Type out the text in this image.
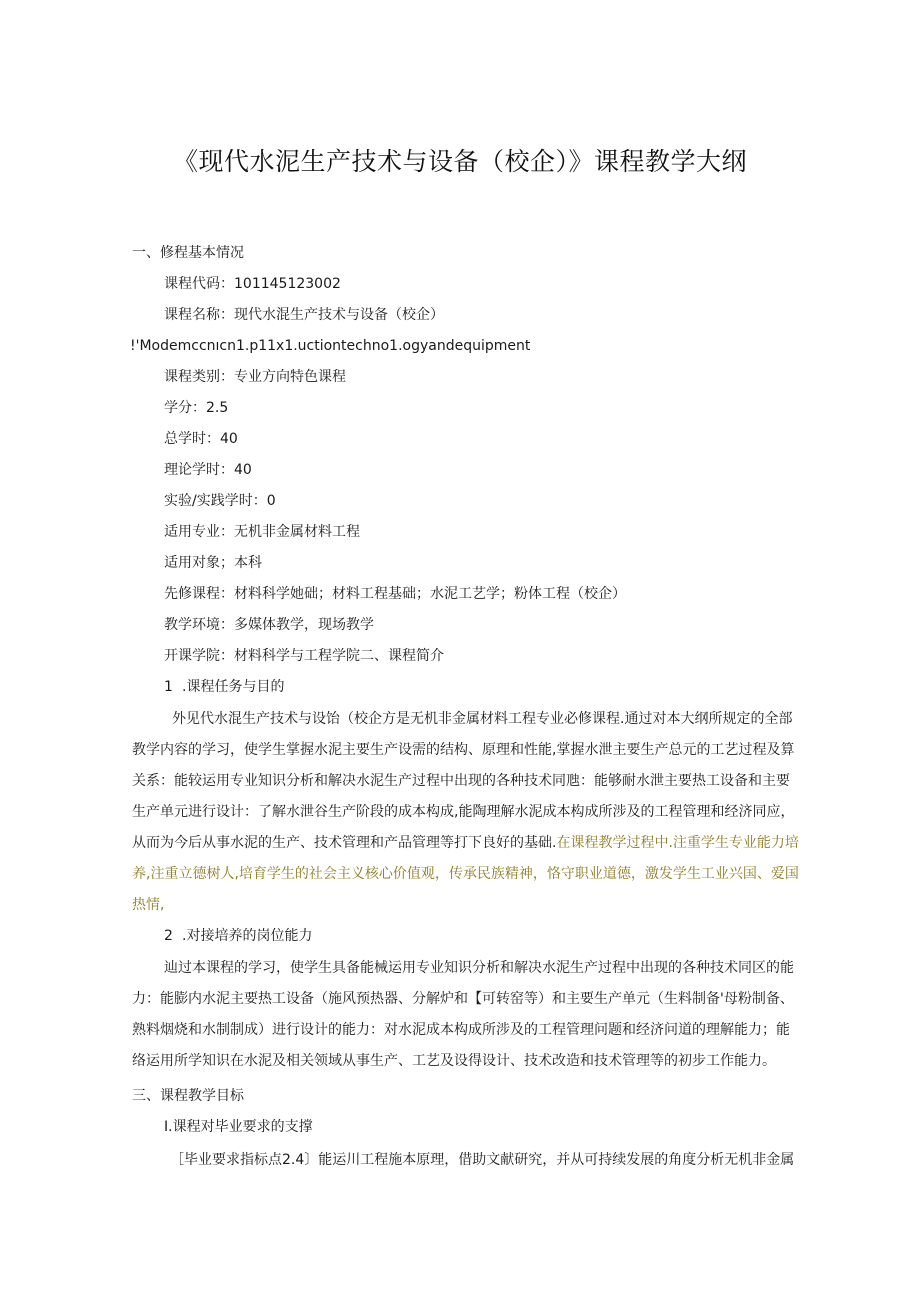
《现代水泥生产技术与设备（校企）》课程教学大纲
一、修程基本情况
课程代码：101145123002
课程名称：现代水混生产技术与设备（校企）
!'Modemccnıcn1.p11x1.uctiontechno1.ogyandequipment
课程类别：专业方向特色课程
学分：2.5
总学时：40
理论学时：40
实验/实践学时：0
适用专业：无机非金属材料工程
适用对象；本科
先修课程：材料科学她础；材料工程基础；水泥工艺学；粉体工程（校企）
教学环境：多媒体教学，现场教学
开课学院：材料科学与工程学院二、课程简介
1 .课程任务与目的
外见代水混生产技术与设饴（校企方是无机非金属材料工程专业必修课程.通过对本大纲所规定的全部
教学内容的学习，使学生掌握水泥主要生产设需的结构、原理和性能,掌握水泄主要生产总元的工艺过程及算
关系：能较运用专业知识分析和解决水泥生产过程中出现的各种技术同虺：能够耐水泄主要热工设备和主要
生产单元进行设计：了解水泄谷生产阶段的成本构成,能陶理解水泥成本构成所涉及的工程管理和经济同应，
从而为今后从事水泥的生产、技术管理和产品管理等打下良好的基础.在课程教学过程中.注重学生专业能力培
养,注重立德树人,培育学生的社会主义核心价值观，传承民族精神，恪守职业道德，激发学生工业兴国、爱国
热情,
2 .对接培养的岗位能力
辿过本课程的学习，使学生具备能械运用专业知识分析和解决水泥生产过程中出现的各种技术同区的能
力：能膨内水泥主要热工设备（施风预热器、分解炉和【可转窑等）和主要生产单元（生料制备'母粉制备、
熟料烟烧和水制制成）进行设计的能力：对水泥成本构成所涉及的工程管理问题和经济问道的理解能力；能
络运用所学知识在水泥及相关领域从事生产、工艺及设得设计、技术改造和技术管理等的初步工作能力。
三、课程教学目标
I.课程对毕业要求的支撑
［毕业要求指标点2.4〕能运川工程施本原理，借助文献研究，并从可持续发展的角度分析无机非金属
